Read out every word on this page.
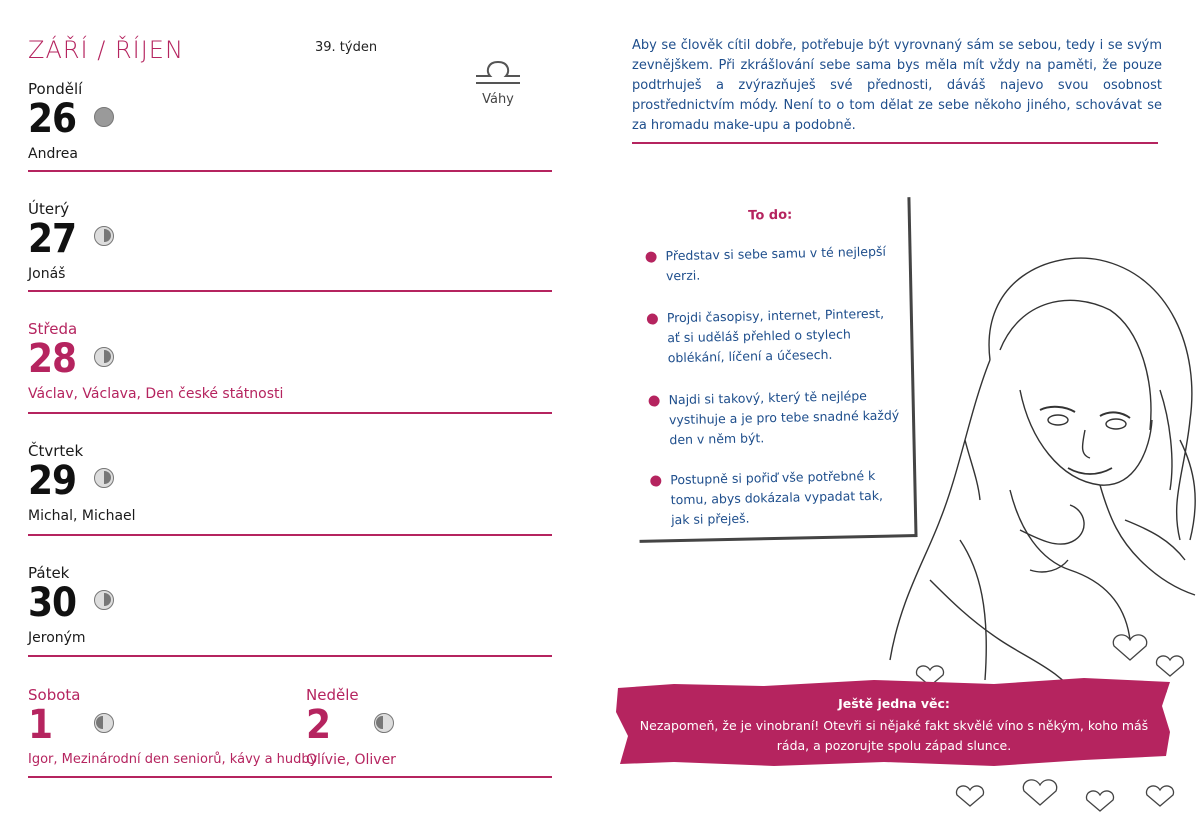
ZÁŘÍ / ŘÍJEN	39. týden
Váhy
Pondělí
26
Andrea
Úterý
27
Jonáš
Středa
28
Václav, Václava, Den české státnosti
Čtvrtek
29
Michal, Michael
Pátek
30
Jeroným
Sobota
1
Igor, Mezinárodní den seniorů, kávy a hudby
Neděle
2
Olívie, Oliver
Aby se člověk cítil dobře, potřebuje být vyrovnaný sám se sebou, tedy i se svým zevnějškem. Při zkrášlování sebe sama bys měla mít vždy na paměti, že pouze podtrhuješ a zvýrazňuješ své přednosti, dáváš najevo svou osobnost prostřednictvím módy. Není to o tom dělat ze sebe někoho jiného, schovávat se za hromadu make-upu a podobně.
To do:
Představ si sebe samu v té nejlepší verzi.
Projdi časopisy, internet, Pinterest, ať si uděláš přehled o stylech oblékání, líčení a účesech.
Najdi si takový, který tě nejlépe vystihuje a je pro tebe snadné každý den v něm být.
Postupně si pořiď vše potřebné k tomu, abys dokázala vypadat tak, jak si přeješ.
Ještě jedna věc:
Nezapomeň, že je vinobraní! Otevři si nějaké fakt skvělé víno s někým, koho máš ráda, a pozorujte spolu západ slunce.
